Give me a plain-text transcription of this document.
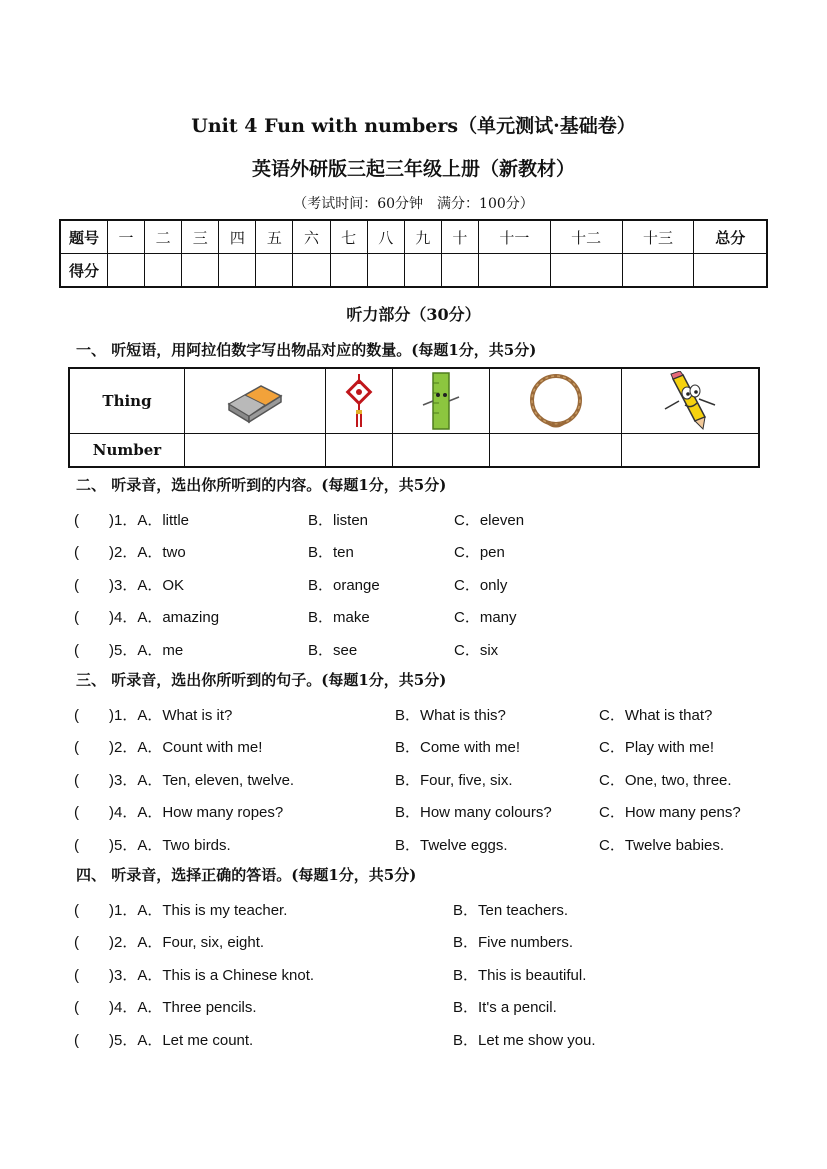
Unit 4 Fun with numbers（单元测试·基础卷）
英语外研版三起三年级上册（新教材）
（考试时间：60分钟　满分：100分）
题号	一	二	三	四	五	六	七	八	九	十	十一	十二	十三	总分
得分														
听力部分（30分）
一、 听短语，用阿拉伯数字写出物品对应的数量。(每题1分，共5分)
Thing					
Number					
二、 听录音，选出你所听到的内容。(每题1分，共5分)
(　　)1．A．little	B．listen	C．eleven
(　　)2．A．two	B．ten	C．pen
(　　)3．A．OK	B．orange	C．only
(　　)4．A．amazing	B．make	C．many
(　　)5．A．me	B．see	C．six
三、 听录音，选出你所听到的句子。(每题1分，共5分)
(　　)1．A．What is it?	B．What is this?	C．What is that?
(　　)2．A．Count with me!	B．Come with me!	C．Play with me!
(　　)3．A．Ten, eleven, twelve.	B．Four, five, six.	C．One, two, three.
(　　)4．A．How many ropes?	B．How many colours?	C．How many pens?
(　　)5．A．Two birds.	B．Twelve eggs.	C．Twelve babies.
四、 听录音，选择正确的答语。(每题1分，共5分)
(　　)1．A．This is my teacher.	B．Ten teachers.
(　　)2．A．Four, six, eight.	B．Five numbers.
(　　)3．A．This is a Chinese knot.	B．This is beautiful.
(　　)4．A．Three pencils.	B．It's a pencil.
(　　)5．A．Let me count.	B．Let me show you.
